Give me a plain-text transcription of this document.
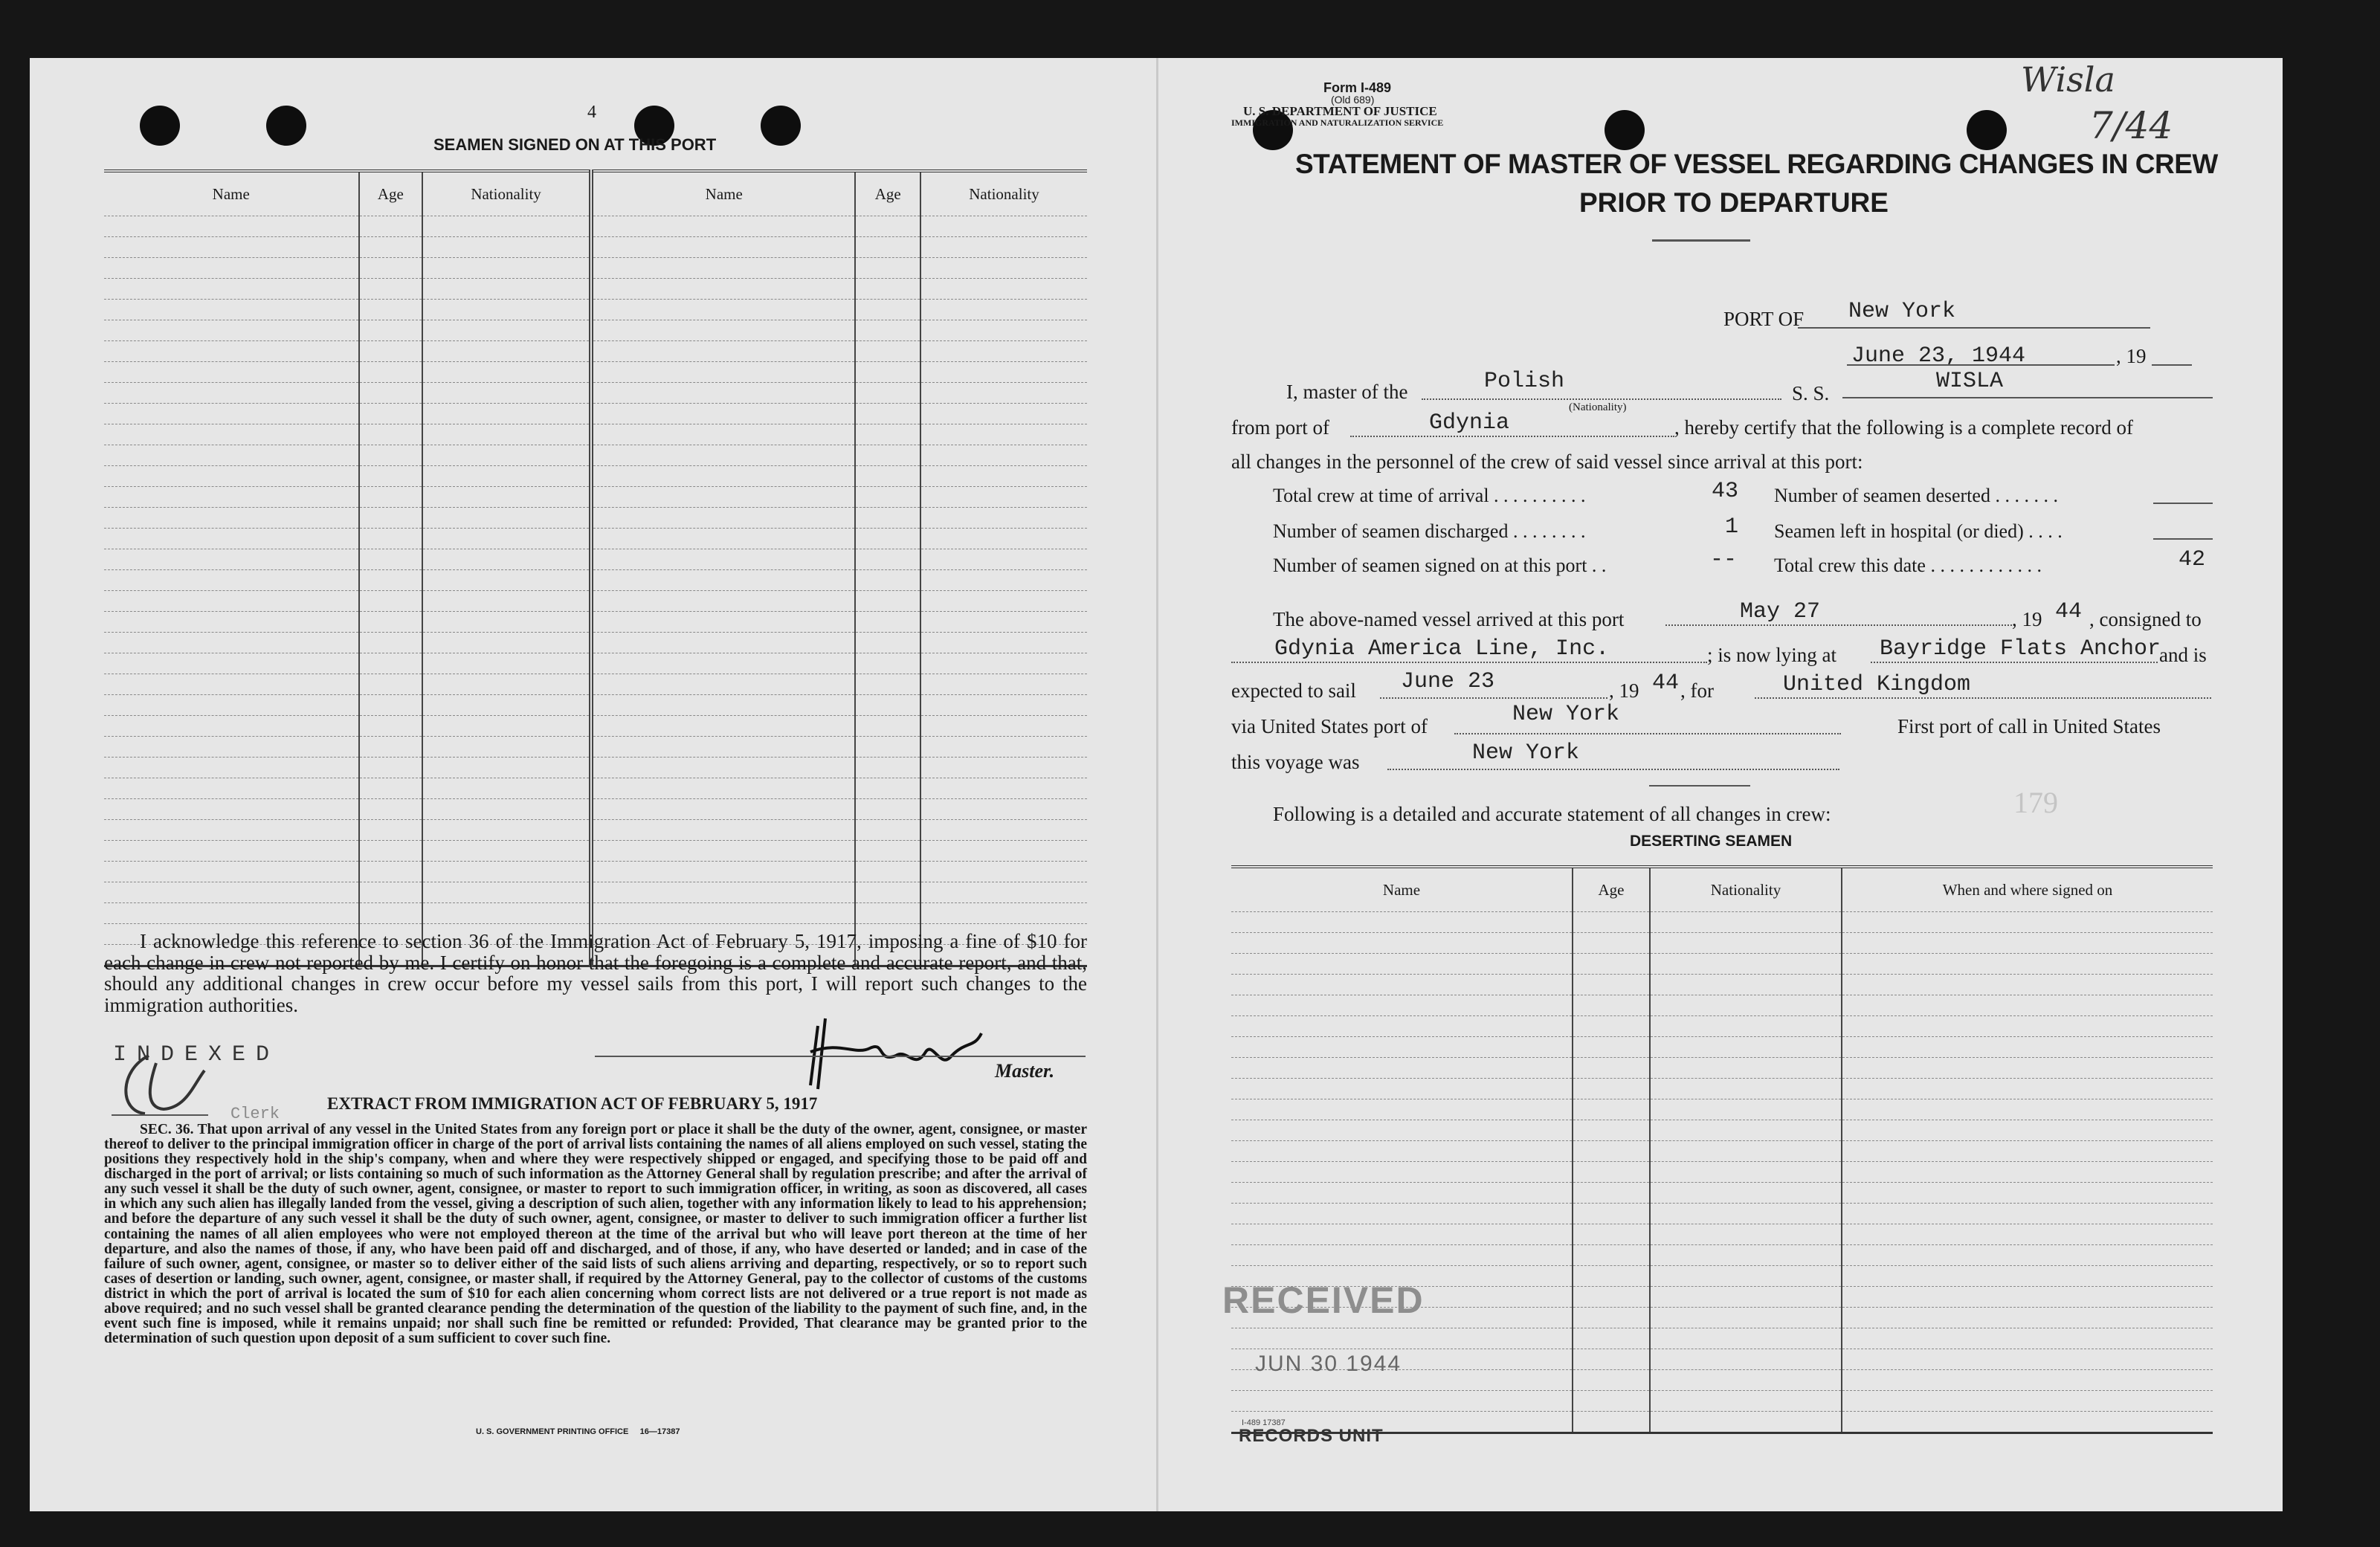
4
SEAMEN SIGNED ON AT THIS PORT
Name	Age	Nationality	Name	Age	Nationality

I acknowledge this reference to section 36 of the Immigration Act of February 5, 1917, imposing a fine of $10 for each change in crew not reported by me. I certify on honor that the foregoing is a complete and accurate report, and that, should any additional changes in crew occur before my vessel sails from this port, I will report such changes to the immigration authorities.
INDEXED
Clerk
Master.
EXTRACT FROM IMMIGRATION ACT OF FEBRUARY 5, 1917
SEC. 36. That upon arrival of any vessel in the United States from any foreign port or place it shall be the duty of the owner, agent, consignee, or master thereof to deliver to the principal immigration officer in charge of the port of arrival lists containing the names of all aliens employed on such vessel, stating the positions they respectively hold in the ship's company, when and where they were respectively shipped or engaged, and specifying those to be paid off and discharged in the port of arrival; or lists containing so much of such information as the Attorney General shall by regulation prescribe; and after the arrival of any such vessel it shall be the duty of such owner, agent, consignee, or master to report to such immigration officer, in writing, as soon as discovered, all cases in which any such alien has illegally landed from the vessel, giving a description of such alien, together with any information likely to lead to his apprehension; and before the departure of any such vessel it shall be the duty of such owner, agent, consignee, or master to deliver to such immigration officer a further list containing the names of all alien employees who were not employed thereon at the time of the arrival but who will leave port thereon at the time of her departure, and also the names of those, if any, who have been paid off and discharged, and of those, if any, who have deserted or landed; and in case of the failure of such owner, agent, consignee, or master so to deliver either of the said lists of such aliens arriving and departing, respectively, or so to report such cases of desertion or landing, such owner, agent, consignee, or master shall, if required by the Attorney General, pay to the collector of customs of the customs district in which the port of arrival is located the sum of $10 for each alien concerning whom correct lists are not delivered or a true report is not made as above required; and no such vessel shall be granted clearance pending the determination of the question of the liability to the payment of such fine, and, in the event such fine is imposed, while it remains unpaid; nor shall such fine be remitted or refunded: Provided, That clearance may be granted prior to the determination of such question upon deposit of a sum sufficient to cover such fine.
U. S. GOVERNMENT PRINTING OFFICE     16—17387
Wisla
7/44
Form I-489
(Old 689)
U. S. DEPARTMENT OF JUSTICE
IMMIGRATION AND NATURALIZATION SERVICE
STATEMENT OF MASTER OF VESSEL REGARDING CHANGES IN CREW
PRIOR TO DEPARTURE
PORT OF New York
June 23, 1944	, 19
I, master of the	Polish
(Nationality)
S. S.	WISLA
from port of	Gdynia	, hereby certify that the following is a complete record of
all changes in the personnel of the crew of said vessel since arrival at this port:
Total crew at time of arrival . . . . . . . . . .	43 Number of seamen deserted . . . . . . .
Number of seamen discharged . . . . . . . .	1 Seamen left in hospital (or died) . . . .
Number of seamen signed on at this port . .	-- Total crew this date . . . . . . . . . . . .	42
The above-named vessel arrived at this port	May 27	, 19 44 , consigned to
Gdynia America Line, Inc.	; is now lying at Bayridge Flats Anchor
and is
expected to sail June 23	, 19 44 , for	United Kingdom
via United States port of	New York	First port of call in United States
this voyage was	New York
Following is a detailed and accurate statement of all changes in crew:	179
DESERTING SEAMEN
Name	Age	Nationality	When and where signed on

RECEIVED
JUN 30 1944
I-489 17387
RECORDS UNIT
